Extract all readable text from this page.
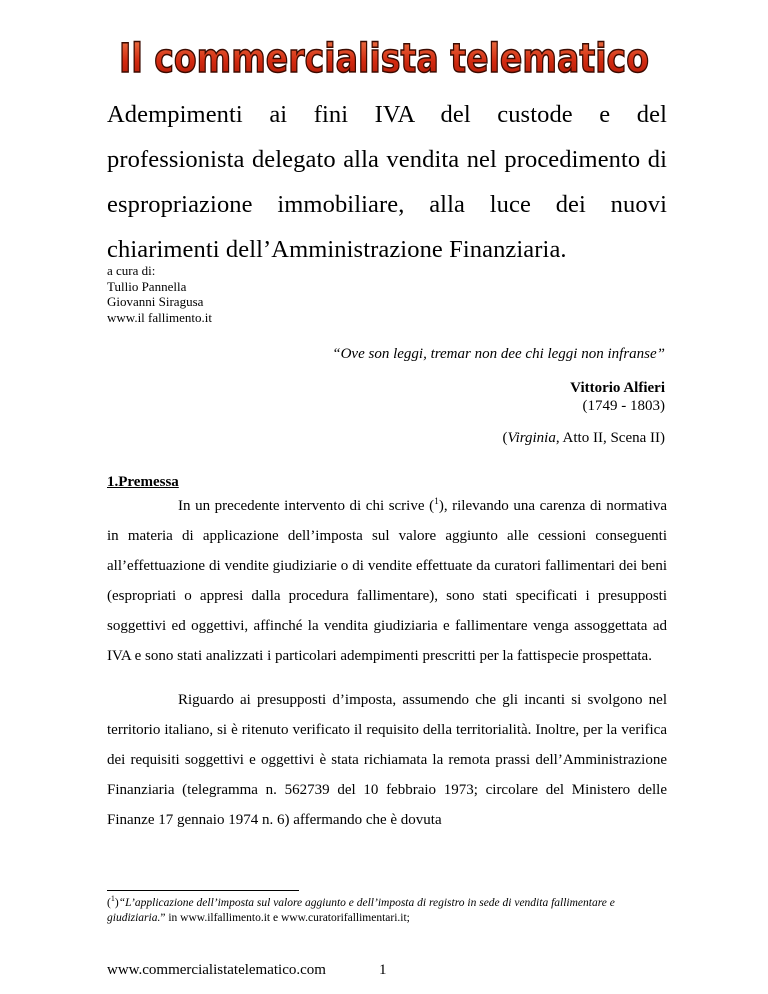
Il commercialista telematico
Adempimenti ai fini IVA del custode e del professionista delegato alla vendita nel procedimento di espropriazione immobiliare, alla luce dei nuovi chiarimenti dell’Amministrazione Finanziaria.
a cura di:
Tullio Pannella
Giovanni Siragusa
www.il fallimento.it
“Ove son leggi, tremar non dee chi leggi non infranse”
Vittorio Alfieri
(1749 - 1803)
(Virginia, Atto II, Scena II)
1.Premessa
In un precedente intervento di chi scrive ($^1$), rilevando una carenza di normativa in materia di applicazione dell’imposta sul valore aggiunto alle cessioni conseguenti all’effettuazione di vendite giudiziarie o di vendite effettuate da curatori fallimentari dei beni (espropriati o appresi dalla procedura fallimentare), sono stati specificati i presupposti soggettivi ed oggettivi, affinché la vendita giudiziaria e fallimentare venga assoggettata ad IVA e sono stati analizzati i particolari adempimenti prescritti per la fattispecie prospettata.
Riguardo ai presupposti d’imposta, assumendo che gli incanti si svolgono nel territorio italiano, si è ritenuto verificato il requisito della territorialità. Inoltre, per la verifica dei requisiti soggettivi e oggettivi è stata richiamata la remota prassi dell’Amministrazione Finanziaria (telegramma n. 562739 del 10 febbraio 1973; circolare del Ministero delle Finanze 17 gennaio 1974 n. 6) affermando che è dovuta
($^1$)“L’applicazione dell’imposta sul valore aggiunto e dell’imposta di registro in sede di vendita fallimentare e giudiziaria.” in www.ilfallimento.it e www.curatorifallimentari.it;
www.commercialistatelematico.com	1
